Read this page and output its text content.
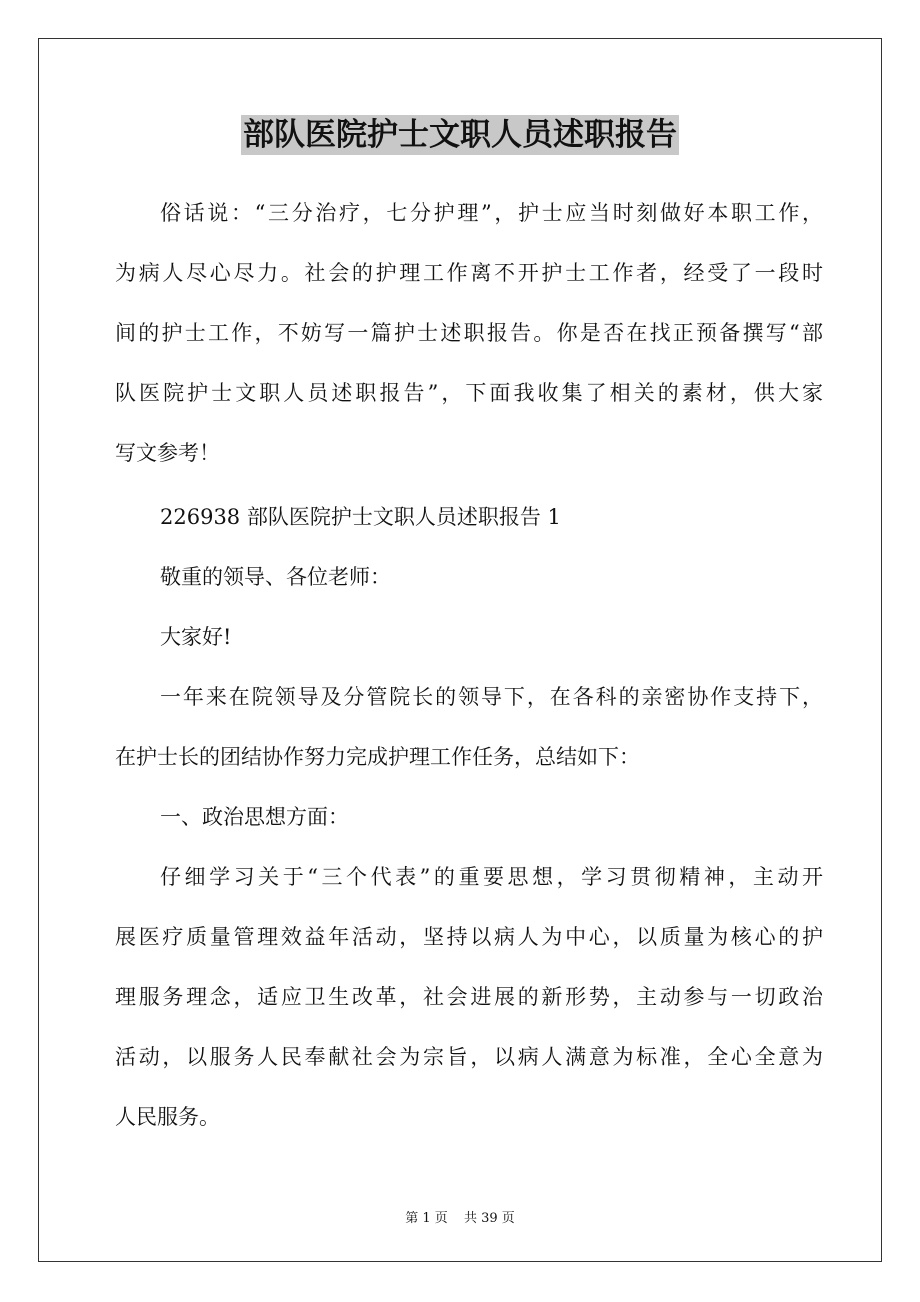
部队医院护士文职人员述职报告
俗话说：“三分治疗，七分护理”，护士应当时刻做好本职工作，
为病人尽心尽力。社会的护理工作离不开护士工作者，经受了一段时
间的护士工作，不妨写一篇护士述职报告。你是否在找正预备撰写“部
队医院护士文职人员述职报告”，下面我收集了相关的素材，供大家
写文参考！
226938 部队医院护士文职人员述职报告 1
敬重的领导、各位老师：
大家好!
一年来在院领导及分管院长的领导下，在各科的亲密协作支持下，
在护士长的团结协作努力完成护理工作任务，总结如下：
一、政治思想方面：
仔细学习关于“三个代表”的重要思想，学习贯彻精神，主动开
展医疗质量管理效益年活动，坚持以病人为中心，以质量为核心的护
理服务理念，适应卫生改革，社会进展的新形势，主动参与一切政治
活动，以服务人民奉献社会为宗旨，以病人满意为标准，全心全意为
人民服务。
第 1 页 共 39 页
